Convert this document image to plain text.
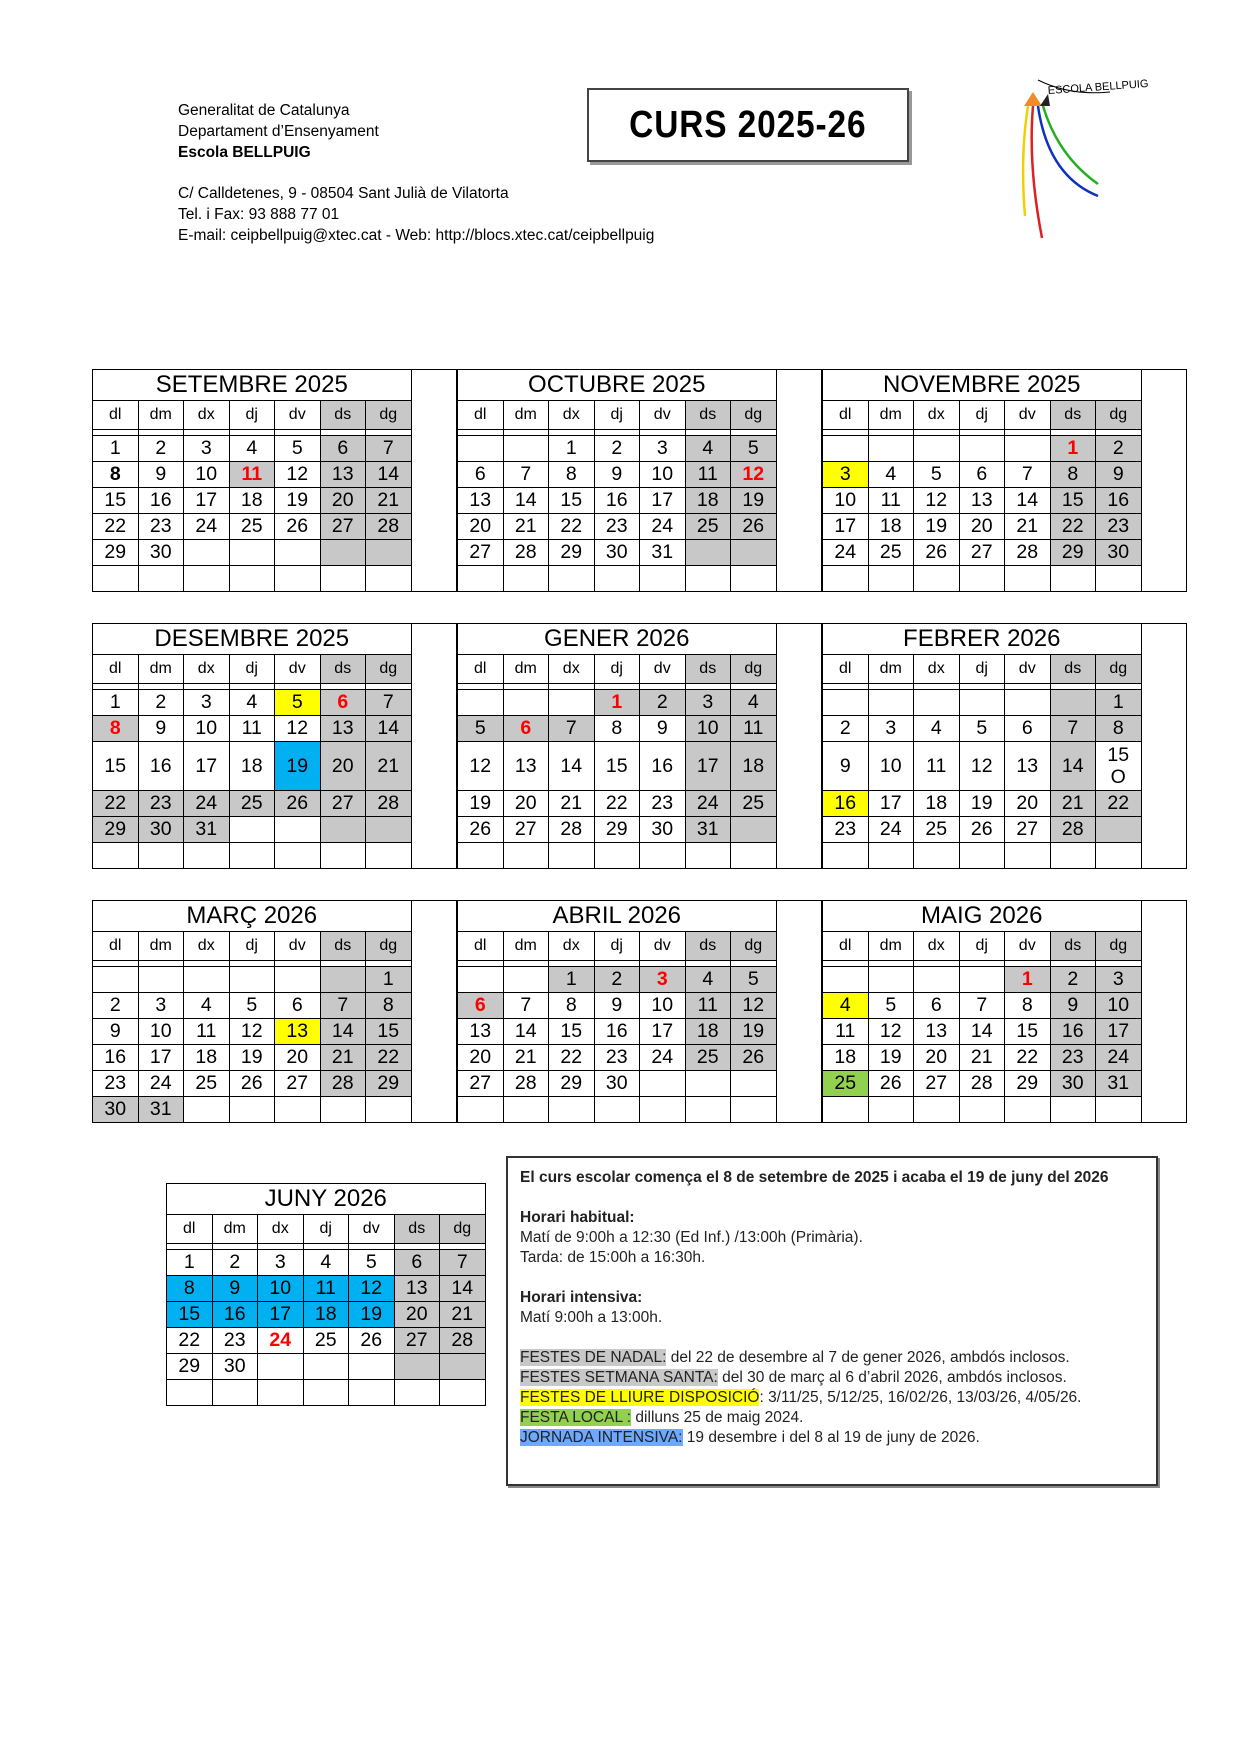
Generalitat de Catalunya
Departament d’Ensenyament
Escola BELLPUIG
C/ Calldetenes, 9 - 08504 Sant Julià de Vilatorta
Tel. i Fax: 93 888 77 01
E-mail: ceipbellpuig@xtec.cat - Web: http://blocs.xtec.cat/ceipbellpuig
CURS 2025-26
ESCOLA BELLPUIG
SETEMBRE 2025							
dl	dm	dx	dj	dv	ds	dg	

1	2	3	4	5	6	7	
8	9	10	11	12	13	14	
15	16	17	18	19	20	21	
22	23	24	25	26	27	28	
29	30						

OCTUBRE 2025							
dl	dm	dx	dj	dv	ds	dg	

		1	2	3	4	5	
6	7	8	9	10	11	12	
13	14	15	16	17	18	19	
20	21	22	23	24	25	26	
27	28	29	30	31			

NOVEMBRE 2025							
dl	dm	dx	dj	dv	ds	dg	

					1	2	
3	4	5	6	7	8	9	
10	11	12	13	14	15	16	
17	18	19	20	21	22	23	
24	25	26	27	28	29	30	

DESEMBRE 2025							
dl	dm	dx	dj	dv	ds	dg	

1	2	3	4	5	6	7	
8	9	10	11	12	13	14	
15	16	17	18	19	20	21	
22	23	24	25	26	27	28	
29	30	31					

GENER 2026							
dl	dm	dx	dj	dv	ds	dg	

			1	2	3	4	
5	6	7	8	9	10	11	
12	13	14	15	16	17	18	
19	20	21	22	23	24	25	
26	27	28	29	30	31		

FEBRER 2026							
dl	dm	dx	dj	dv	ds	dg	

						1	
2	3	4	5	6	7	8	
9	10	11	12	13	14	15
O	
16	17	18	19	20	21	22	
23	24	25	26	27	28		

MARÇ 2026							
dl	dm	dx	dj	dv	ds	dg	

						1	
2	3	4	5	6	7	8	
9	10	11	12	13	14	15	
16	17	18	19	20	21	22	
23	24	25	26	27	28	29	
30	31						
ABRIL 2026							
dl	dm	dx	dj	dv	ds	dg	

		1	2	3	4	5	
6	7	8	9	10	11	12	
13	14	15	16	17	18	19	
20	21	22	23	24	25	26	
27	28	29	30				

MAIG 2026							
dl	dm	dx	dj	dv	ds	dg	

				1	2	3	
4	5	6	7	8	9	10	
11	12	13	14	15	16	17	
18	19	20	21	22	23	24	
25	26	27	28	29	30	31	

JUNY 2026						
dl	dm	dx	dj	dv	ds	dg

1	2	3	4	5	6	7
8	9	10	11	12	13	14
15	16	17	18	19	20	21
22	23	24	25	26	27	28
29	30					

El curs escolar comença el 8 de setembre de 2025 i acaba el 19 de juny del 2026
Horari habitual:
Matí de 9:00h a 12:30 (Ed Inf.) /13:00h (Primària).
Tarda: de 15:00h a 16:30h.
Horari intensiva:
Matí 9:00h a 13:00h.
FESTES DE NADAL: del 22 de desembre al 7 de gener 2026, ambdós inclosos.
FESTES SETMANA SANTA: del 30 de març al 6 d’abril 2026, ambdós inclosos.
FESTES DE LLIURE DISPOSICIÓ: 3/11/25, 5/12/25, 16/02/26, 13/03/26, 4/05/26.
FESTA LOCAL : dilluns 25 de maig 2024.
JORNADA INTENSIVA: 19 desembre i del 8 al 19 de juny de 2026.
